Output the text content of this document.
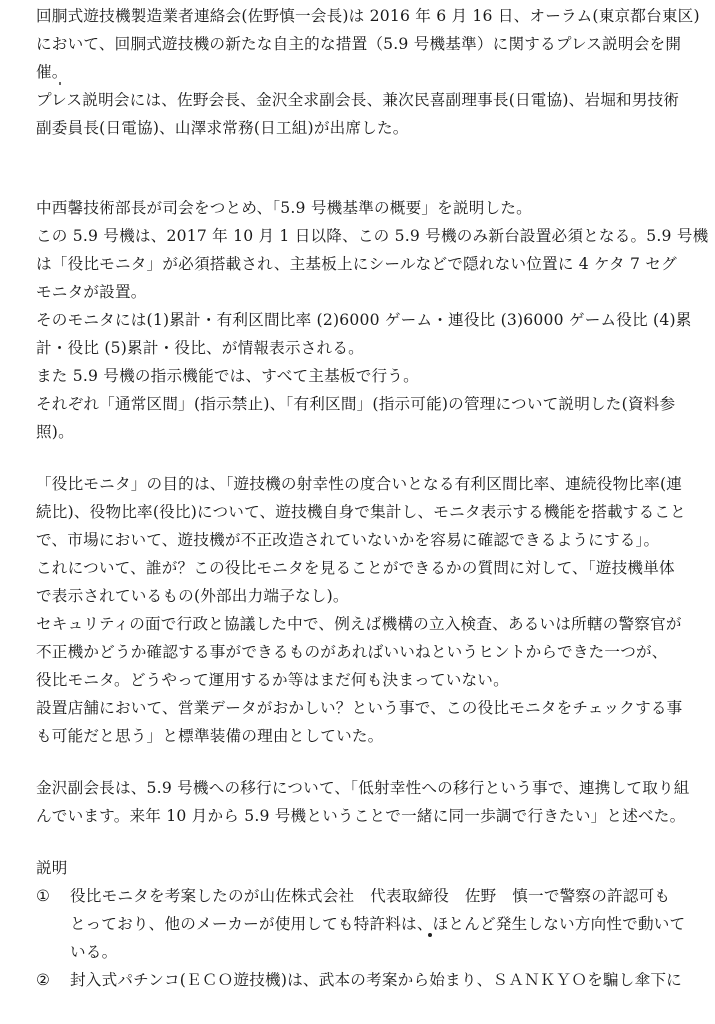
回胴式遊技機製造業者連絡会(佐野慎一会長)は 2016 年 6 月 16 日、オーラム(東京都台東区)
において、回胴式遊技機の新たな自主的な措置（5.9 号機基準）に関するプレス説明会を開
催。
プレス説明会には、佐野会長、金沢全求副会長、兼次民喜副理事長(日電協)、岩堀和男技術
副委員長(日電協)、山澤求常務(日工組)が出席した。
中西馨技術部長が司会をつとめ、「5.9 号機基準の概要」を説明した。
この 5.9 号機は、2017 年 10 月 1 日以降、この 5.9 号機のみ新台設置必須となる。5.9 号機
は「役比モニタ」が必須搭載され、主基板上にシールなどで隠れない位置に 4 ケタ 7 セグ
モニタが設置。
そのモニタには(1)累計・有利区間比率 (2)6000 ゲーム・連役比 (3)6000 ゲーム役比 (4)累
計・役比 (5)累計・役比、が情報表示される。
また 5.9 号機の指示機能では、すべて主基板で行う。
それぞれ「通常区間」(指示禁止)、「有利区間」(指示可能)の管理について説明した(資料参
照)。
「役比モニタ」の目的は、「遊技機の射幸性の度合いとなる有利区間比率、連続役物比率(連
続比)、役物比率(役比)について、遊技機自身で集計し、モニタ表示する機能を搭載すること
で、市場において、遊技機が不正改造されていないかを容易に確認できるようにする」。
これについて、誰が？この役比モニタを見ることができるかの質問に対して、「遊技機単体
で表示されているもの(外部出力端子なし)。
セキュリティの面で行政と協議した中で、例えば機構の立入検査、あるいは所轄の警察官が
不正機かどうか確認する事ができるものがあればいいねというヒントからできた一つが、
役比モニタ。どうやって運用するか等はまだ何も決まっていない。
設置店舗において、営業データがおかしい？という事で、この役比モニタをチェックする事
も可能だと思う」と標準装備の理由としていた。
金沢副会長は、5.9 号機への移行について、「低射幸性への移行という事で、連携して取り組
んでいます。来年 10 月から 5.9 号機ということで一緒に同一歩調で行きたい」と述べた。
説明
① 役比モニタを考案したのが山佐株式会社　代表取締役　佐野　慎一で警察の許認可も
とっており、他のメーカーが使用しても特許料は、ほとんど発生しない方向性で動いて
いる。
② 封入式パチンコ(ＥＣＯ遊技機)は、武本の考案から始まり、ＳＡＮＫＹＯを騙し傘下に
